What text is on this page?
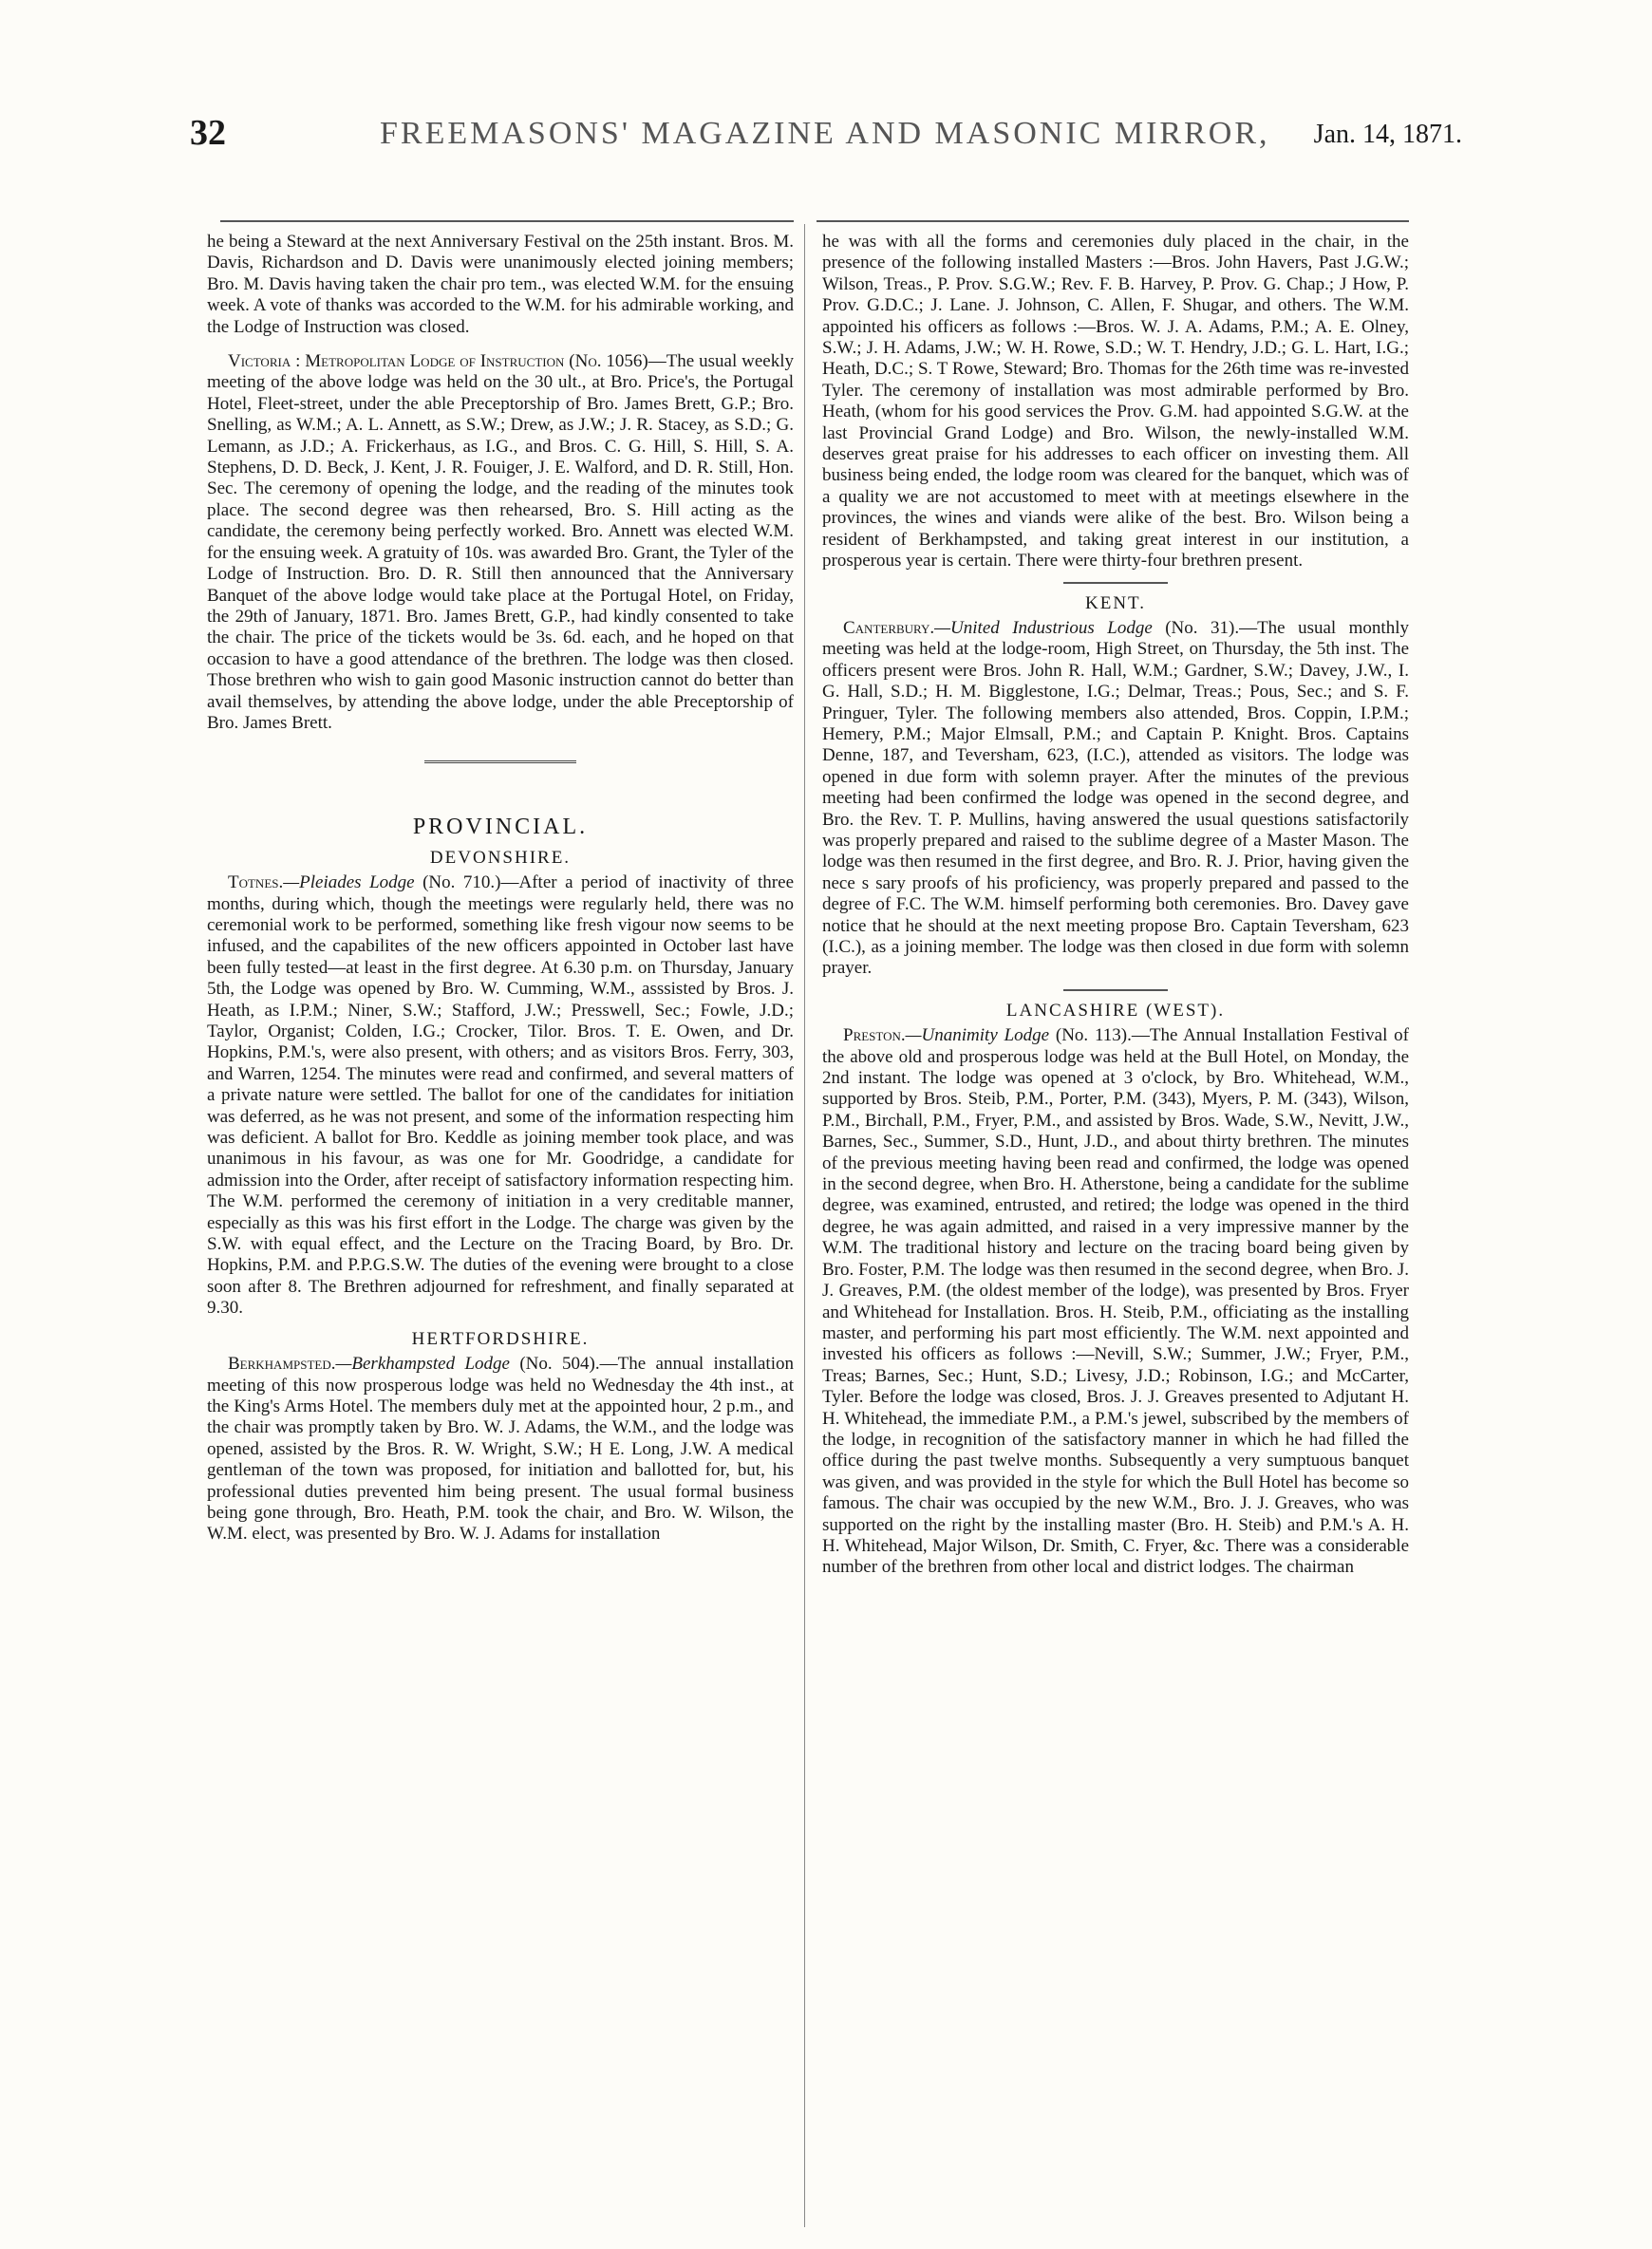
32	FREEMASONS' MAGAZINE AND MASONIC MIRROR, Jan. 14, 1871.

he being a Steward at the next Anniversary Festival on the 25th instant. Bros. M. Davis, Richardson and D. Davis were unanimously elected joining members; Bro. M. Davis having taken the chair pro tem., was elected W.M. for the ensuing week. A vote of thanks was accorded to the W.M. for his admirable working, and the Lodge of Instruction was closed.

Victoria : Metropolitan Lodge of Instruction (No. 1056)—The usual weekly meeting of the above lodge was held on the 30 ult., at Bro. Price's, the Portugal Hotel, Fleet-street, under the able Preceptorship of Bro. James Brett, G.P.; Bro. Snelling, as W.M.; A. L. Annett, as S.W.; Drew, as J.W.; J. R. Stacey, as S.D.; G. Lemann, as J.D.; A. Frickerhaus, as I.G., and Bros. C. G. Hill, S. Hill, S. A. Stephens, D. D. Beck, J. Kent, J. R. Fouiger, J. E. Walford, and D. R. Still, Hon. Sec. The ceremony of opening the lodge, and the reading of the minutes took place. The second degree was then rehearsed, Bro. S. Hill acting as the candidate, the ceremony being perfectly worked. Bro. Annett was elected W.M. for the ensuing week. A gratuity of 10s. was awarded Bro. Grant, the Tyler of the Lodge of Instruction. Bro. D. R. Still then announced that the Anniversary Banquet of the above lodge would take place at the Portugal Hotel, on Friday, the 29th of January, 1871. Bro. James Brett, G.P., had kindly consented to take the chair. The price of the tickets would be 3s. 6d. each, and he hoped on that occasion to have a good attendance of the brethren. The lodge was then closed. Those brethren who wish to gain good Masonic instruction cannot do better than avail themselves, by attending the above lodge, under the able Preceptorship of Bro. James Brett.

PROVINCIAL.
DEVONSHIRE.

Totnes.—Pleiades Lodge (No. 710.)—After a period of inactivity of three months, during which, though the meetings were regularly held, there was no ceremonial work to be performed, something like fresh vigour now seems to be infused, and the capabilites of the new officers appointed in October last have been fully tested—at least in the first degree. At 6.30 p.m. on Thursday, January 5th, the Lodge was opened by Bro. W. Cumming, W.M., asssisted by Bros. J. Heath, as I.P.M.; Niner, S.W.; Stafford, J.W.; Presswell, Sec.; Fowle, J.D.; Taylor, Organist; Colden, I.G.; Crocker, Tilor. Bros. T. E. Owen, and Dr. Hopkins, P.M.'s, were also present, with others; and as visitors Bros. Ferry, 303, and Warren, 1254. The minutes were read and confirmed, and several matters of a private nature were settled. The ballot for one of the candidates for initiation was deferred, as he was not present, and some of the information respecting him was deficient. A ballot for Bro. Keddle as joining member took place, and was unanimous in his favour, as was one for Mr. Goodridge, a candidate for admission into the Order, after receipt of satisfactory information respecting him. The W.M. performed the ceremony of initiation in a very creditable manner, especially as this was his first effort in the Lodge. The charge was given by the S.W. with equal effect, and the Lecture on the Tracing Board, by Bro. Dr. Hopkins, P.M. and P.P.G.S.W. The duties of the evening were brought to a close soon after 8. The Brethren adjourned for refreshment, and finally separated at 9.30.

HERTFORDSHIRE.

Berkhampsted.—Berkhampsted Lodge (No. 504).—The annual installation meeting of this now prosperous lodge was held no Wednesday the 4th inst., at the King's Arms Hotel. The members duly met at the appointed hour, 2 p.m., and the chair was promptly taken by Bro. W. J. Adams, the W.M., and the lodge was opened, assisted by the Bros. R. W. Wright, S.W.; H E. Long, J.W. A medical gentleman of the town was proposed, for initiation and ballotted for, but, his professional duties prevented him being present. The usual formal business being gone through, Bro. Heath, P.M. took the chair, and Bro. W. Wilson, the W.M. elect, was presented by Bro. W. J. Adams for installation

he was with all the forms and ceremonies duly placed in the chair, in the presence of the following installed Masters :—Bros. John Havers, Past J.G.W.; Wilson, Treas., P. Prov. S.G.W.; Rev. F. B. Harvey, P. Prov. G. Chap.; J How, P. Prov. G.D.C.; J. Lane. J. Johnson, C. Allen, F. Shugar, and others. The W.M. appointed his officers as follows :—Bros. W. J. A. Adams, P.M.; A. E. Olney, S.W.; J. H. Adams, J.W.; W. H. Rowe, S.D.; W. T. Hendry, J.D.; G. L. Hart, I.G.; Heath, D.C.; S. T Rowe, Steward; Bro. Thomas for the 26th time was re-invested Tyler. The ceremony of installation was most admirable performed by Bro. Heath, (whom for his good services the Prov. G.M. had appointed S.G.W. at the last Provincial Grand Lodge) and Bro. Wilson, the newly-installed W.M. deserves great praise for his addresses to each officer on investing them. All business being ended, the lodge room was cleared for the banquet, which was of a quality we are not accustomed to meet with at meetings elsewhere in the provinces, the wines and viands were alike of the best. Bro. Wilson being a resident of Berkhampsted, and taking great interest in our institution, a prosperous year is certain. There were thirty-four brethren present.

KENT.

Canterbury.—United Industrious Lodge (No. 31).—The usual monthly meeting was held at the lodge-room, High Street, on Thursday, the 5th inst. The officers present were Bros. John R. Hall, W.M.; Gardner, S.W.; Davey, J.W., I. G. Hall, S.D.; H. M. Bigglestone, I.G.; Delmar, Treas.; Pous, Sec.; and S. F. Pringuer, Tyler. The following members also attended, Bros. Coppin, I.P.M.; Hemery, P.M.; Major Elmsall, P.M.; and Captain P. Knight. Bros. Captains Denne, 187, and Teversham, 623, (I.C.), attended as visitors. The lodge was opened in due form with solemn prayer. After the minutes of the previous meeting had been confirmed the lodge was opened in the second degree, and Bro. the Rev. T. P. Mullins, having answered the usual questions satisfactorily was properly prepared and raised to the sublime degree of a Master Mason. The lodge was then resumed in the first degree, and Bro. R. J. Prior, having given the nece s sary proofs of his proficiency, was properly prepared and passed to the degree of F.C. The W.M. himself performing both ceremonies. Bro. Davey gave notice that he should at the next meeting propose Bro. Captain Teversham, 623 (I.C.), as a joining member. The lodge was then closed in due form with solemn prayer.

LANCASHIRE (WEST).

Preston.—Unanimity Lodge (No. 113).—The Annual Installation Festival of the above old and prosperous lodge was held at the Bull Hotel, on Monday, the 2nd instant. The lodge was opened at 3 o'clock, by Bro. Whitehead, W.M., supported by Bros. Steib, P.M., Porter, P.M. (343), Myers, P. M. (343), Wilson, P.M., Birchall, P.M., Fryer, P.M., and assisted by Bros. Wade, S.W., Nevitt, J.W., Barnes, Sec., Summer, S.D., Hunt, J.D., and about thirty brethren. The minutes of the previous meeting having been read and confirmed, the lodge was opened in the second degree, when Bro. H. Atherstone, being a candidate for the sublime degree, was examined, entrusted, and retired; the lodge was opened in the third degree, he was again admitted, and raised in a very impressive manner by the W.M. The traditional history and lecture on the tracing board being given by Bro. Foster, P.M. The lodge was then resumed in the second degree, when Bro. J. J. Greaves, P.M. (the oldest member of the lodge), was presented by Bros. Fryer and Whitehead for Installation. Bros. H. Steib, P.M., officiating as the installing master, and performing his part most efficiently. The W.M. next appointed and invested his officers as follows :—Nevill, S.W.; Summer, J.W.; Fryer, P.M., Treas; Barnes, Sec.; Hunt, S.D.; Livesy, J.D.; Robinson, I.G.; and McCarter, Tyler. Before the lodge was closed, Bros. J. J. Greaves presented to Adjutant H. H. Whitehead, the immediate P.M., a P.M.'s jewel, subscribed by the members of the lodge, in recognition of the satisfactory manner in which he had filled the office during the past twelve months. Subsequently a very sumptuous banquet was given, and was provided in the style for which the Bull Hotel has become so famous. The chair was occupied by the new W.M., Bro. J. J. Greaves, who was supported on the right by the installing master (Bro. H. Steib) and P.M.'s A. H. H. Whitehead, Major Wilson, Dr. Smith, C. Fryer, &c. There was a considerable number of the brethren from other local and district lodges. The chairman
